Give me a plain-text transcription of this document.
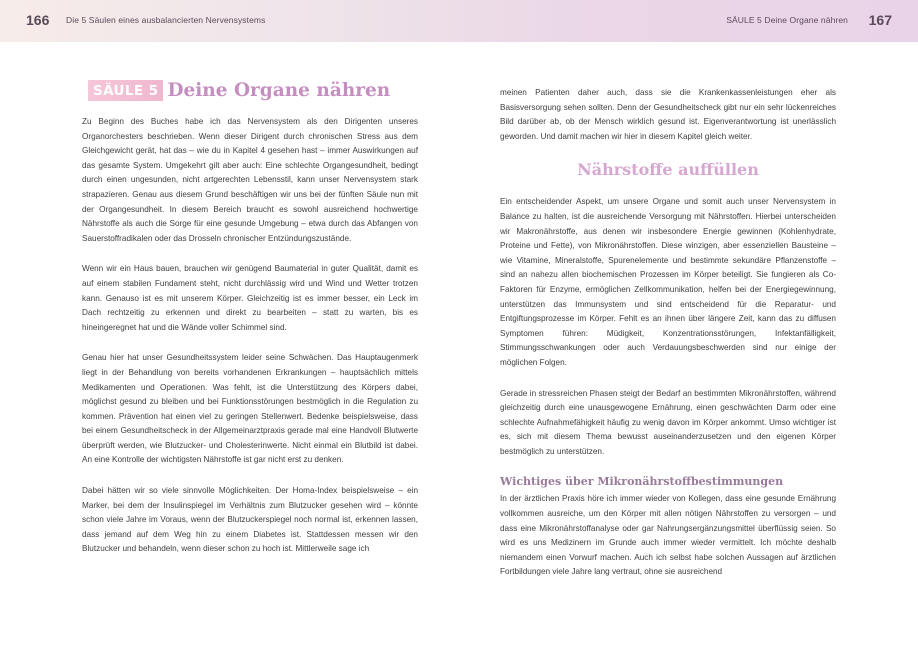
166 Die 5 Säulen eines ausbalancierten Nervensystems	SÄULE 5 Deine Organe nähren 167
SÄULE 5 Deine Organe nähren

Zu Beginn des Buches habe ich das Nervensystem als den Dirigenten unseres Organorchesters beschrieben. Wenn dieser Dirigent durch chronischen Stress aus dem Gleichgewicht gerät, hat das – wie du in Kapitel 4 gesehen hast – immer Auswirkungen auf das gesamte System. Umgekehrt gilt aber auch: Eine schlechte Organgesundheit, bedingt durch einen ungesunden, nicht artgerechten Lebensstil, kann unser Nervensystem stark strapazieren. Genau aus diesem Grund beschäftigen wir uns bei der fünften Säule nun mit der Organgesundheit. In diesem Bereich braucht es sowohl ausreichend hochwertige Nährstoffe als auch die Sorge für eine gesunde Umgebung – etwa durch das Abfangen von Sauerstoffradikalen oder das Drosseln chronischer Entzündungszustände.

Wenn wir ein Haus bauen, brauchen wir genügend Baumaterial in guter Qualität, damit es auf einem stabilen Fundament steht, nicht durchlässig wird und Wind und Wetter trotzen kann. Genauso ist es mit unserem Körper. Gleichzeitig ist es immer besser, ein Leck im Dach rechtzeitig zu erkennen und direkt zu bearbeiten – statt zu warten, bis es hineingeregnet hat und die Wände voller Schimmel sind.

Genau hier hat unser Gesundheitssystem leider seine Schwächen. Das Hauptaugenmerk liegt in der Behandlung von bereits vorhandenen Erkrankungen – hauptsächlich mittels Medikamenten und Operationen. Was fehlt, ist die Unterstützung des Körpers dabei, möglichst gesund zu bleiben und bei Funktionsstörungen bestmöglich in die Regulation zu kommen. Prävention hat einen viel zu geringen Stellenwert. Bedenke beispielsweise, dass bei einem Gesundheitscheck in der Allgemeinarztpraxis gerade mal eine Handvoll Blutwerte überprüft werden, wie Blutzucker- und Cholesterinwerte. Nicht einmal ein Blutbild ist dabei. An eine Kontrolle der wichtigsten Nährstoffe ist gar nicht erst zu denken.

Dabei hätten wir so viele sinnvolle Möglichkeiten. Der Homa-Index beispielsweise – ein Marker, bei dem der Insulinspiegel im Verhältnis zum Blutzucker gesehen wird – könnte schon viele Jahre im Voraus, wenn der Blutzuckerspiegel noch normal ist, erkennen lassen, dass jemand auf dem Weg hin zu einem Diabetes ist. Stattdessen messen wir den Blutzucker und behandeln, wenn dieser schon zu hoch ist. Mittlerweile sage ich

meinen Patienten daher auch, dass sie die Krankenkassenleistungen eher als Basisversorgung sehen sollten. Denn der Gesundheitscheck gibt nur ein sehr lückenreiches Bild darüber ab, ob der Mensch wirklich gesund ist. Eigenverantwortung ist unerlässlich geworden. Und damit machen wir hier in diesem Kapitel gleich weiter.

Nährstoffe auffüllen

Ein entscheidender Aspekt, um unsere Organe und somit auch unser Nervensystem in Balance zu halten, ist die ausreichende Versorgung mit Nährstoffen. Hierbei unterscheiden wir Makronährstoffe, aus denen wir insbesondere Energie gewinnen (Kohlenhydrate, Proteine und Fette), von Mikronährstoffen. Diese winzigen, aber essenziellen Bausteine – wie Vitamine, Mineralstoffe, Spurenelemente und bestimmte sekundäre Pflanzenstoffe – sind an nahezu allen biochemischen Prozessen im Körper beteiligt. Sie fungieren als Co-Faktoren für Enzyme, ermöglichen Zellkommunikation, helfen bei der Energiegewinnung, unterstützen das Immunsystem und sind entscheidend für die Reparatur- und Entgiftungsprozesse im Körper. Fehlt es an ihnen über längere Zeit, kann das zu diffusen Symptomen führen: Müdigkeit, Konzentrationsstörungen, Infektanfälligkeit, Stimmungsschwankungen oder auch Verdauungsbeschwerden sind nur einige der möglichen Folgen.

Gerade in stressreichen Phasen steigt der Bedarf an bestimmten Mikronährstoffen, während gleichzeitig durch eine unausgewogene Ernährung, einen geschwächten Darm oder eine schlechte Aufnahmefähigkeit häufig zu wenig davon im Körper ankommt. Umso wichtiger ist es, sich mit diesem Thema bewusst auseinanderzusetzen und den eigenen Körper bestmöglich zu unterstützen.

Wichtiges über Mikronährstoffbestimmungen

In der ärztlichen Praxis höre ich immer wieder von Kollegen, dass eine gesunde Ernährung vollkommen ausreiche, um den Körper mit allen nötigen Nährstoffen zu versorgen – und dass eine Mikronährstoffanalyse oder gar Nahrungsergänzungsmittel überflüssig seien. So wird es uns Medizinern im Grunde auch immer wieder vermittelt. Ich möchte deshalb niemandem einen Vorwurf machen. Auch ich selbst habe solchen Aussagen auf ärztlichen Fortbildungen viele Jahre lang vertraut, ohne sie ausreichend
